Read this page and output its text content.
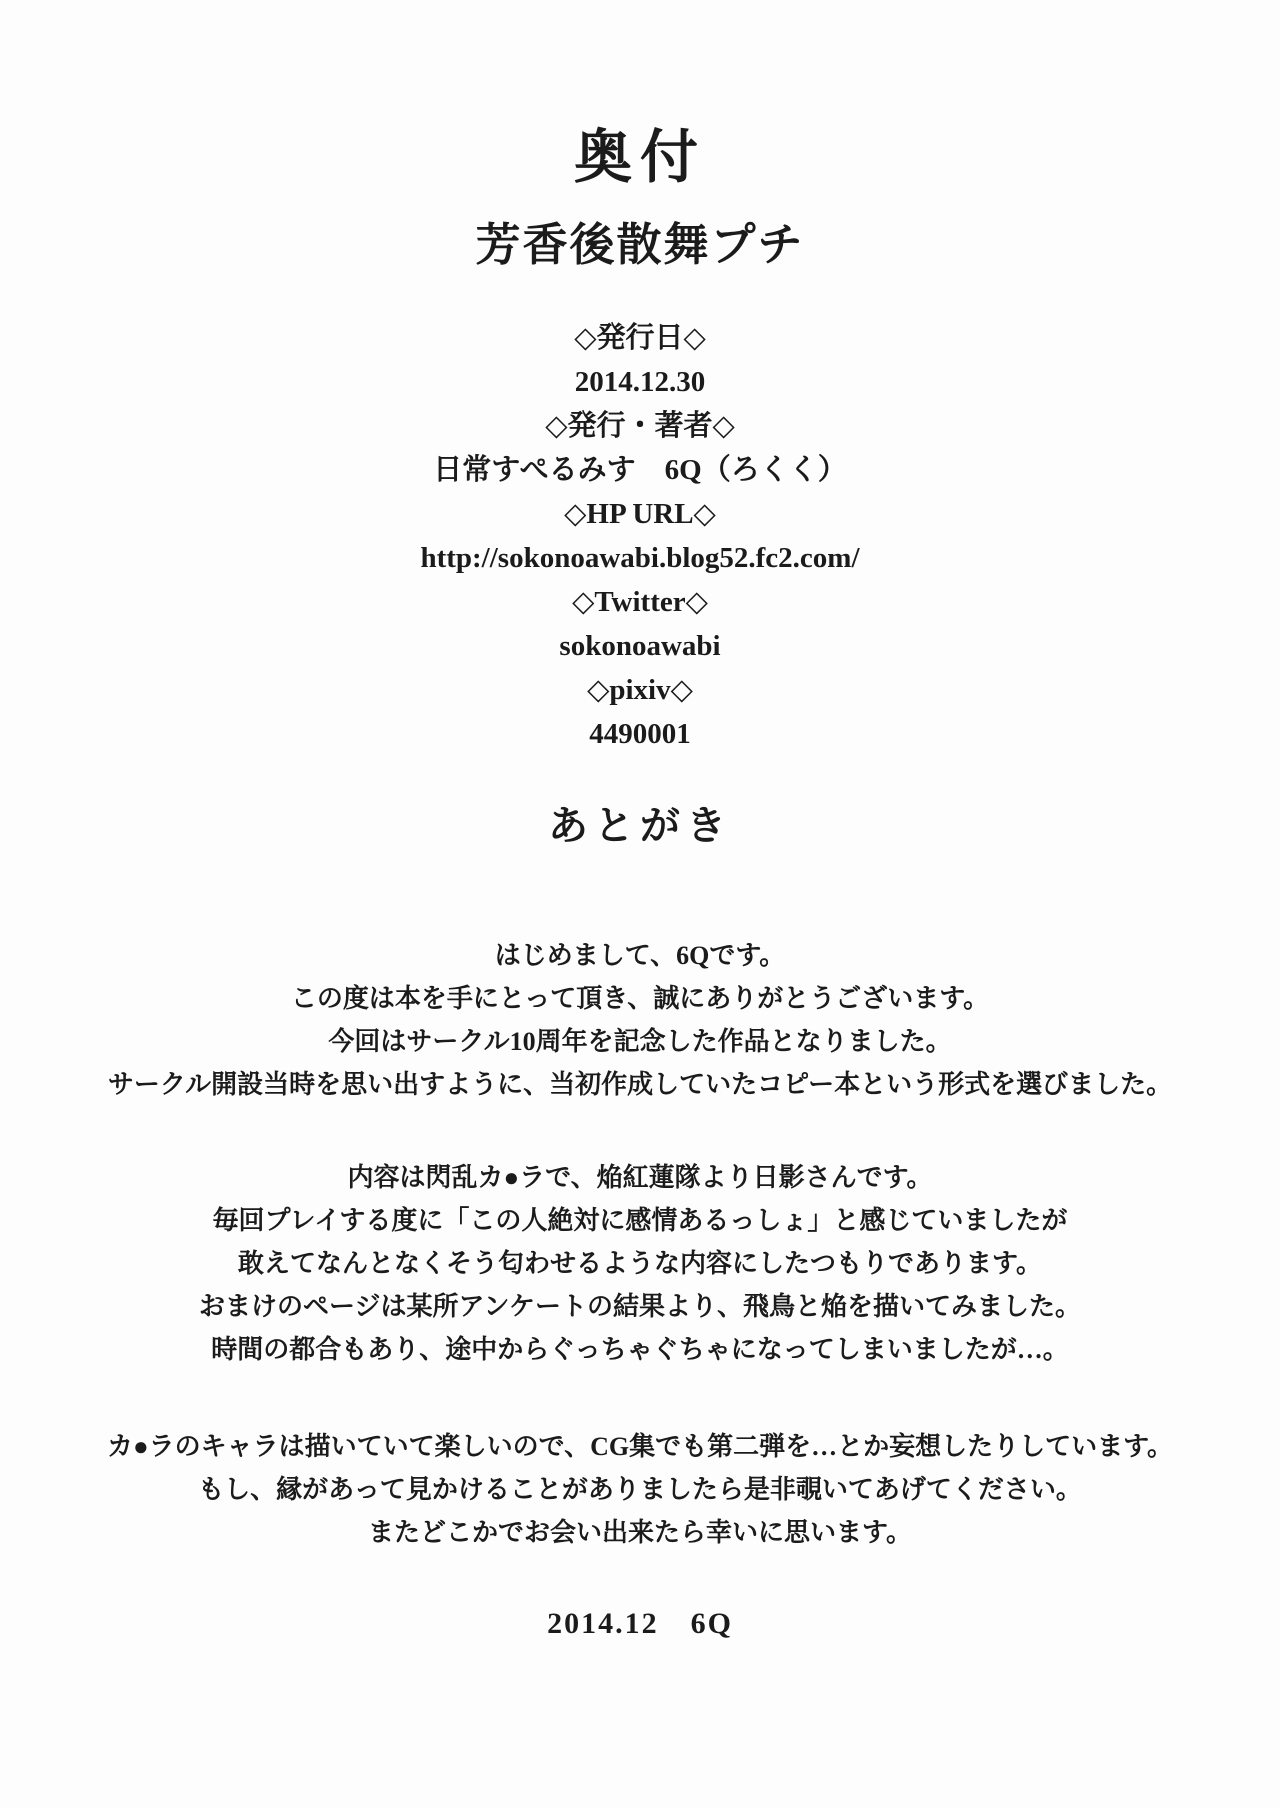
奥付
芳香後散舞プチ
◇発行日◇
2014.12.30
◇発行・著者◇
日常すぺるみす　6Q（ろくく）
◇HP URL◇
http://sokonoawabi.blog52.fc2.com/
◇Twitter◇
sokonoawabi
◇pixiv◇
4490001
あとがき
はじめまして、6Qです。
この度は本を手にとって頂き、誠にありがとうございます。
今回はサークル10周年を記念した作品となりました。
サークル開設当時を思い出すように、当初作成していたコピー本という形式を選びました。
内容は閃乱カ●ラで、焔紅蓮隊より日影さんです。
毎回プレイする度に「この人絶対に感情あるっしょ」と感じていましたが
敢えてなんとなくそう匂わせるような内容にしたつもりであります。
おまけのページは某所アンケートの結果より、飛鳥と焔を描いてみました。
時間の都合もあり、途中からぐっちゃぐちゃになってしまいましたが…。
カ●ラのキャラは描いていて楽しいので、CG集でも第二弾を…とか妄想したりしています。
もし、縁があって見かけることがありましたら是非覗いてあげてください。
またどこかでお会い出来たら幸いに思います。
2014.12　6Q
